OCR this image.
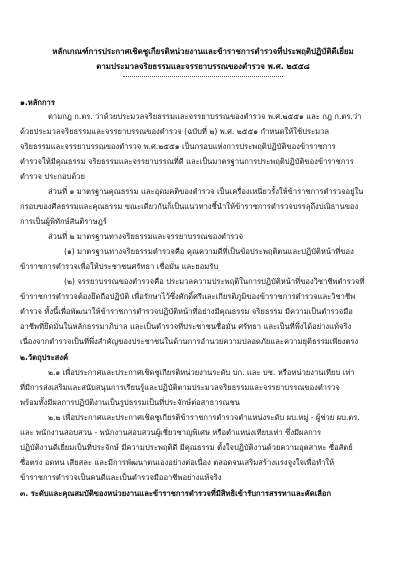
หลักเกณฑ์การประกาศเชิดชูเกียรติหน่วยงานและข้าราชการตำรวจที่ประพฤติปฏิบัติดีเยี่ยม
ตามประมวลจริยธรรมและจรรยาบรรณของตำรวจ พ.ศ. ๒๕๕๘
๑.หลักการ
ตามกฎ ก.ตร. ว่าด้วยประมวลจริยธรรมและจรรยาบรรณของตำรวจ พ.ศ.๒๕๕๑ และ กฎ ก.ตร.ว่า
ด้วยประมวลจริยธรรมและจรรยาบรรณของตำรวจ (ฉบับที่ ๒) พ.ศ. ๒๕๕๑ กำหนดให้ใช้ประมวล
จริยธรรมและจรรยาบรรณของตำรวจ พ.ศ.๒๕๕๑ เป็นกรอบแห่งการประพฤติปฏิบัติของข้าราชการ
ตำรวจให้มีคุณธรรม จริยธรรมและจรรยาบรรณที่ดี และเป็นมาตรฐานการประพฤติปฏิบัติของข้าราชการ
ตำรวจ ประกอบด้วย
ส่วนที่ ๑ มาตรฐานคุณธรรม และอุดมคติของตำรวจ เป็นเครื่องเหนี่ยวรั้งให้ข้าราชการตำรวจอยู่ใน
กรอบของศีลธรรมและคุณธรรม ขณะเดียวกันก็เป็นแนวทางชี้นำให้ข้าราชการตำรวจบรรลุถึงปณิธานของ
การเป็นผู้พิทักษ์สันติราษฎร์
ส่วนที่ ๒ มาตรฐานทางจริยธรรมและจรรยาบรรณของตำรวจ
(๑) มาตรฐานทางจริยธรรมตำรวจคือ คุณความดีที่เป็นข้อประพฤติตนและปฏิบัติหน้าที่ของ
ข้าราชการตำรวจเพื่อให้ประชาชนศรัทธา เชื่อมั่น และยอมรับ
(๒) จรรยาบรรณของตำรวจคือ ประมวลความประพฤติในการปฏิบัติหน้าที่ของวิชาชีพตำรวจที่
ข้าราชการตำรวจต้องยึดถือปฏิบัติ เพื่อรักษาไว้ซึ่งศักดิ์ศรีและเกียรติภูมิของข้าราชการตำรวจและวิชาชีพ
ตำรวจ ทั้งนี้เพื่อพัฒนาให้ข้าราชการตำรวจปฏิบัติหน้าที่อย่างมีคุณธรรม จริยธรรม มีความเป็นตำรวจมือ
อาชีพที่ยึดมั่นในหลักธรรมาภิบาล และเป็นตำรวจที่ประชาชนชื่อมั่น ศรัทธา และเป็นที่พึ่งได้อย่างแท้จริง
เนื่องจากตำรวจเป็นที่พึ่งสำคัญของประชาชนในด้านการอำนวยความปลอดภัยและความยุติธรรมเพียงตรง
๒.วัตถุประสงค์
๒.๑ เพื่อประกาศและประกาศเชิดชูเกียรติหน่วยงานระดับ บก. และ บช. หรือหน่วยงานเทียบ เท่า
ที่มีการส่งเสริมและสนับสนุนการเรียนรู้และปฏิบัติตามประมวลจริยธรรมและจรรยาบรรณของตำรวจ
พร้อมทั้งมีผลการปฏิบัติงานเป็นรูปธรรมเป็นที่ประจักษ์ต่อสาธารณชน
๒.๒ เพื่อประกาศและประกาศเชิดชูเกียรติข้าราชการตำรวจตำแหน่งระดับ ผบ.หมู่ - ผู้ช่วย ผบ.ตร.
และ พนักงานสอบสวน - พนักงานสอบสวนผู้เชี่ยวชาญพิเศษ หรือตำแหน่งเทียบเท่า ซึ่งมีผลการ
ปฏิบัติงานดีเยี่ยมเป็นที่ประจักษ์ มีความประพฤติดี มีคุณธรรม ตั้งใจปฏิบัติงานด้วยความอุตสาหะ ซื่อสัตย์
ซื่อตรง อดทน เสียสละ และมีการพัฒนาตนเองอย่างต่อเนื่อง ตลอดจนเสริมสร้างแรงจูงใจเพื่อทำให้
ข้าราชการตำรวจเป็นคนดีและเป็นตำรวจมืออาชีพอย่างแท้จริง
๓. ระดับและคุณสมบัติของหน่วยงานและข้าราชการตำรวจที่มีสิทธิเข้ารับการสรรหาและคัดเลือก
